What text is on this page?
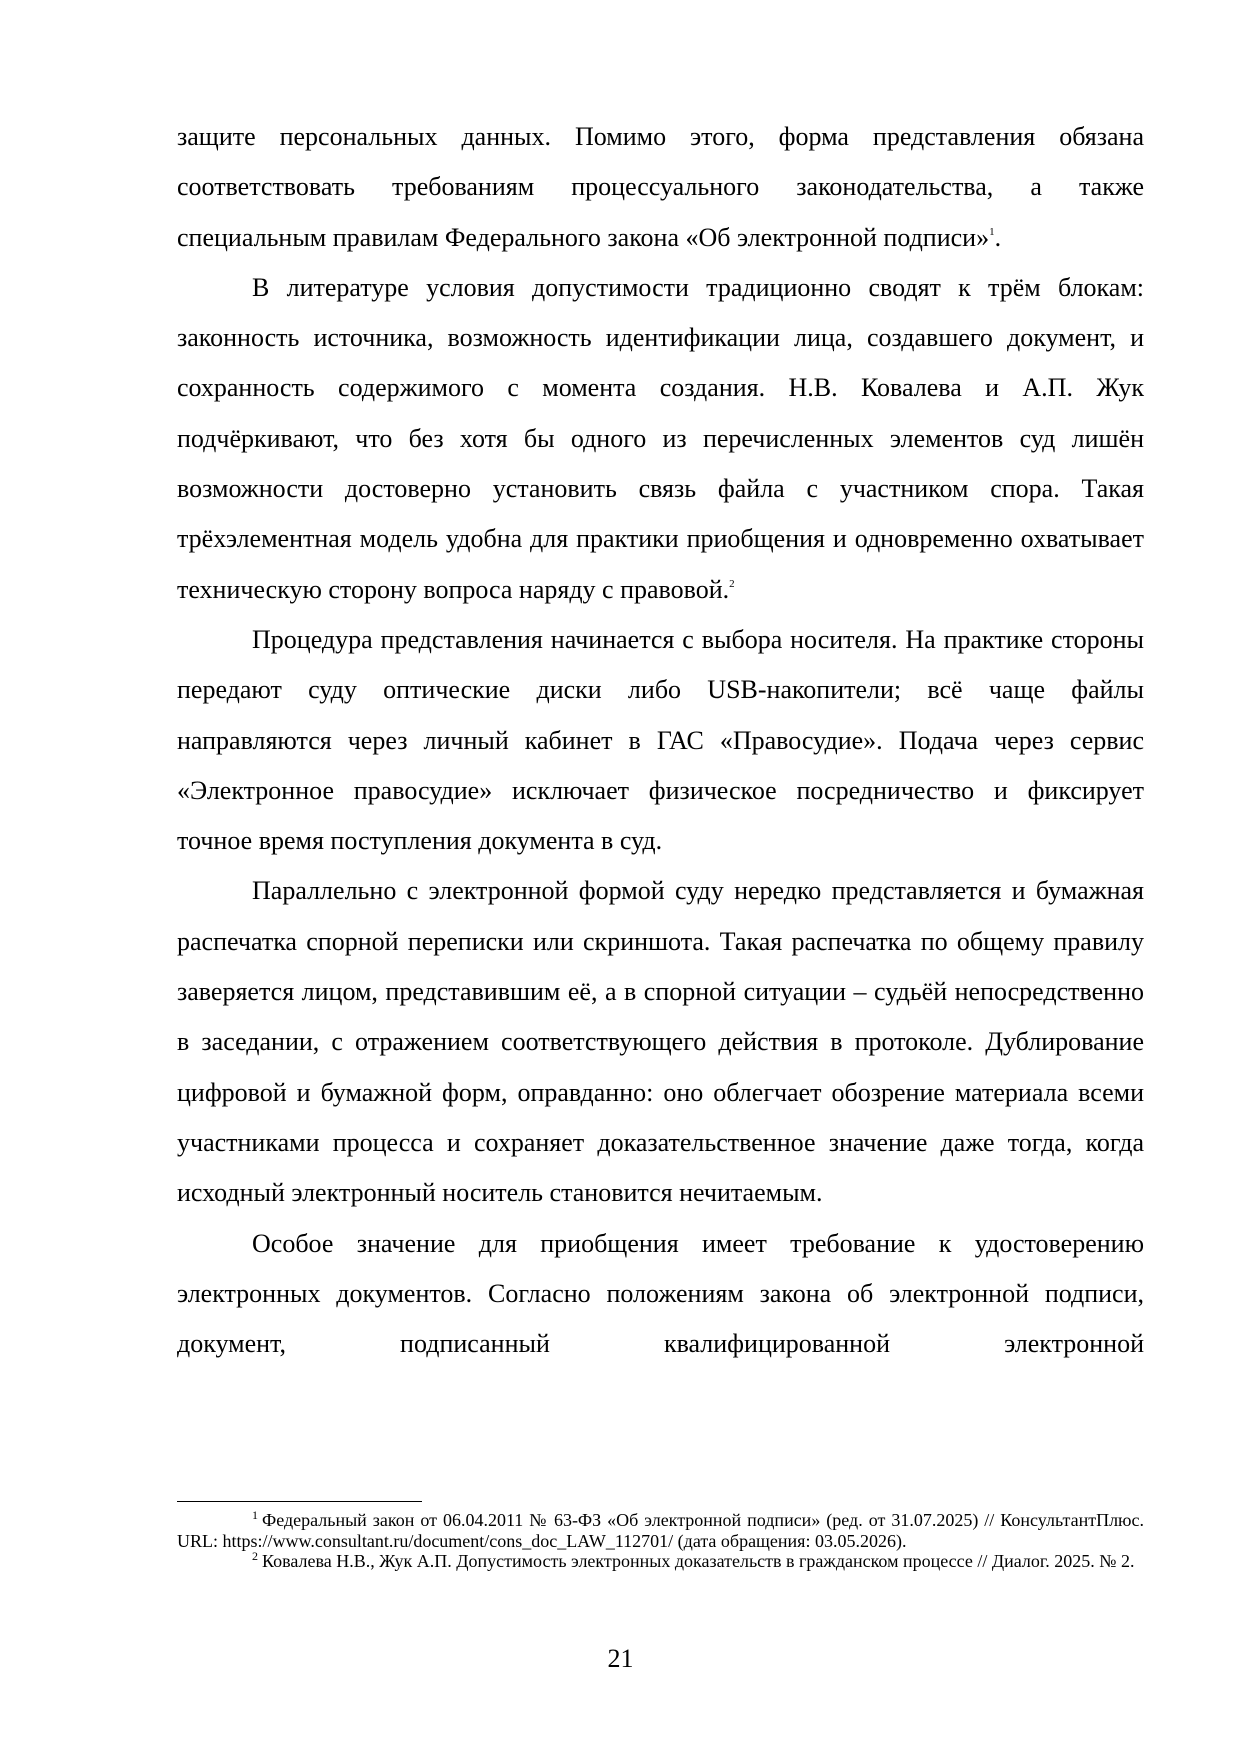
защите персональных данных. Помимо этого, форма представления обязана соответствовать требованиям процессуального законодательства, а также специальным правилам Федерального закона «Об электронной подписи»$^1$.

В литературе условия допустимости традиционно сводят к трём блокам: законность источника, возможность идентификации лица, создавшего документ, и сохранность содержимого с момента создания. Н.В. Ковалева и А.П. Жук подчёркивают, что без хотя бы одного из перечисленных элементов суд лишён возможности достоверно установить связь файла с участником спора. Такая трёхэлементная модель удобна для практики приобщения и одновременно охватывает техническую сторону вопроса наряду с правовой.$^2$

Процедура представления начинается с выбора носителя. На практике стороны передают суду оптические диски либо USB-накопители; всё чаще файлы направляются через личный кабинет в ГАС «Правосудие». Подача через сервис «Электронное правосудие» исключает физическое посредничество и фиксирует точное время поступления документа в суд.

Параллельно с электронной формой суду нередко представляется и бумажная распечатка спорной переписки или скриншота. Такая распечатка по общему правилу заверяется лицом, представившим её, а в спорной ситуации – судьёй непосредственно в заседании, с отражением соответствующего действия в протоколе. Дублирование цифровой и бумажной форм, оправданно: оно облегчает обозрение материала всеми участниками процесса и сохраняет доказательственное значение даже тогда, когда исходный электронный носитель становится нечитаемым.

Особое значение для приобщения имеет требование к удостоверению электронных документов. Согласно положениям закона об электронной подписи, документ, подписанный квалифицированной электронной

$^1$ Федеральный закон от 06.04.2011 № 63-ФЗ «Об электронной подписи» (ред. от 31.07.2025) // КонсультантПлюс. URL: https://www.consultant.ru/document/cons_doc_LAW_112701/ (дата обращения: 03.05.2026).

$^2$ Ковалева Н.В., Жук А.П. Допустимость электронных доказательств в гражданском процессе // Диалог. 2025. № 2.

21
